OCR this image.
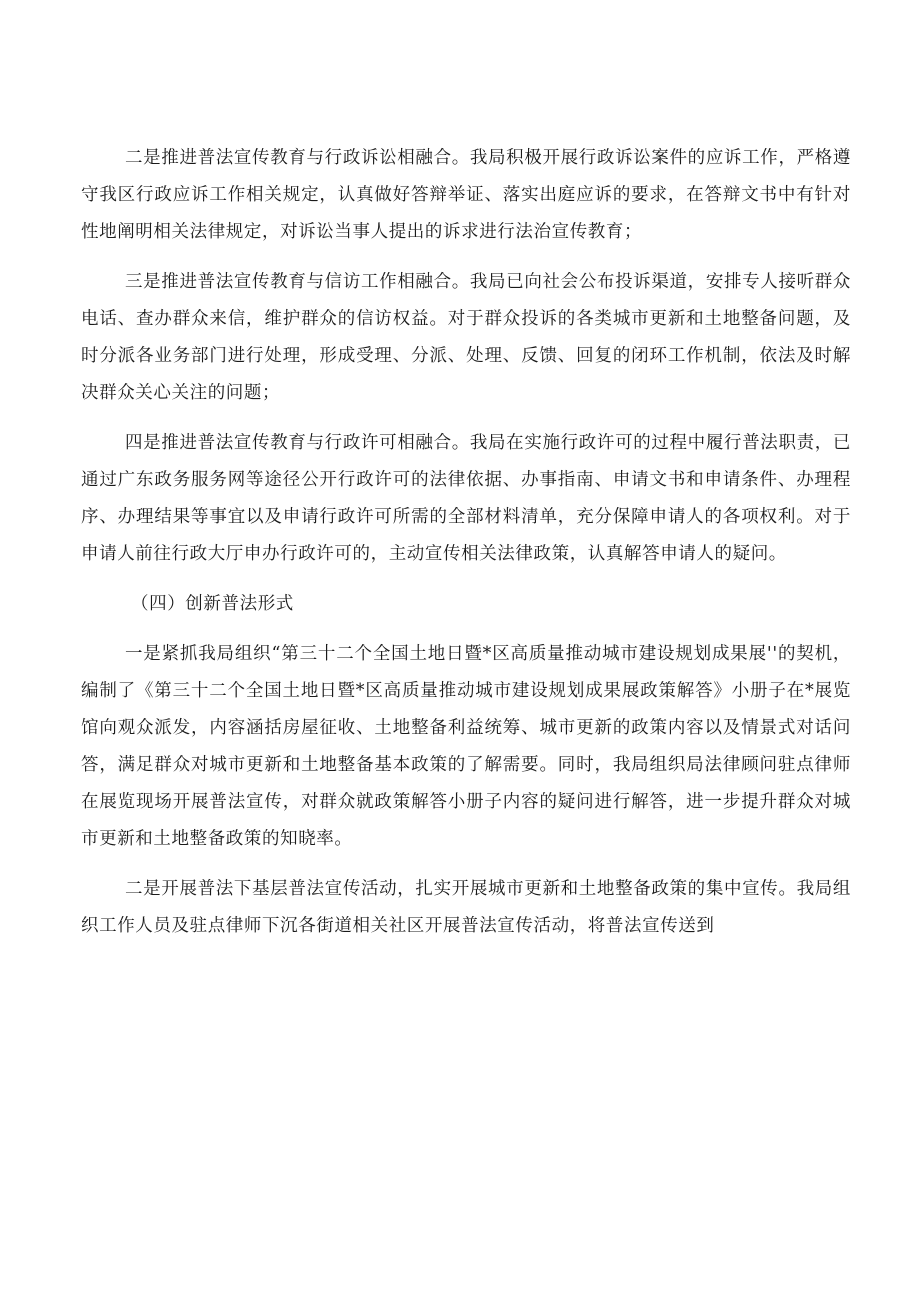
二是推进普法宣传教育与行政诉讼相融合。我局积极开展行政诉讼案件的应诉工作，严格遵守我区行政应诉工作相关规定，认真做好答辩举证、落实出庭应诉的要求，在答辩文书中有针对性地阐明相关法律规定，对诉讼当事人提出的诉求进行法治宣传教育；

三是推进普法宣传教育与信访工作相融合。我局已向社会公布投诉渠道，安排专人接听群众电话、查办群众来信，维护群众的信访权益。对于群众投诉的各类城市更新和土地整备问题，及时分派各业务部门进行处理，形成受理、分派、处理、反馈、回复的闭环工作机制，依法及时解决群众关心关注的问题；

四是推进普法宣传教育与行政许可相融合。我局在实施行政许可的过程中履行普法职责，已通过广东政务服务网等途径公开行政许可的法律依据、办事指南、申请文书和申请条件、办理程序、办理结果等事宜以及申请行政许可所需的全部材料清单，充分保障申请人的各项权利。对于申请人前往行政大厅申办行政许可的，主动宣传相关法律政策，认真解答申请人的疑问。

（四）创新普法形式

一是紧抓我局组织“第三十二个全国土地日暨*区高质量推动城市建设规划成果展''的契机，编制了《第三十二个全国土地日暨*区高质量推动城市建设规划成果展政策解答》小册子在*展览馆向观众派发，内容涵括房屋征收、土地整备利益统筹、城市更新的政策内容以及情景式对话问答，满足群众对城市更新和土地整备基本政策的了解需要。同时，我局组织局法律顾问驻点律师在展览现场开展普法宣传，对群众就政策解答小册子内容的疑问进行解答，进一步提升群众对城市更新和土地整备政策的知晓率。

二是开展普法下基层普法宣传活动，扎实开展城市更新和土地整备政策的集中宣传。我局组织工作人员及驻点律师下沉各街道相关社区开展普法宣传活动，将普法宣传送到
